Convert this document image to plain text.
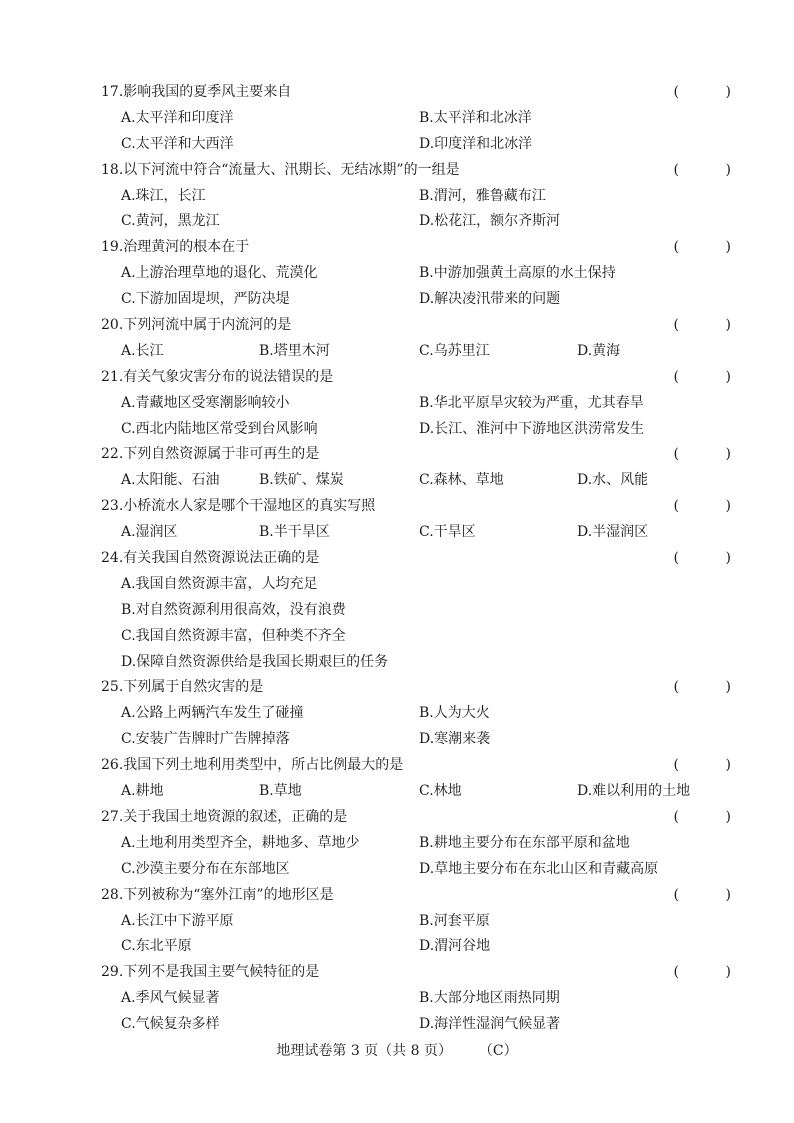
17.影响我国的夏季风主要来自	(	)
A.太平洋和印度洋	B.太平洋和北冰洋
C.太平洋和大西洋	D.印度洋和北冰洋
18.以下河流中符合“流量大、汛期长、无结冰期”的一组是	(	)
A.珠江，长江	B.渭河，雅鲁藏布江
C.黄河，黑龙江	D.松花江，额尔齐斯河
19.治理黄河的根本在于	(	)
A.上游治理草地的退化、荒漠化	B.中游加强黄土高原的水土保持
C.下游加固堤坝，严防决堤	D.解决凌汛带来的问题
20.下列河流中属于内流河的是	(	)
A.长江	B.塔里木河	C.乌苏里江	D.黄海
21.有关气象灾害分布的说法错误的是	(	)
A.青藏地区受寒潮影响较小	B.华北平原旱灾较为严重，尤其春旱
C.西北内陆地区常受到台风影响	D.长江、淮河中下游地区洪涝常发生
22.下列自然资源属于非可再生的是	(	)
A.太阳能、石油	B.铁矿、煤炭	C.森林、草地	D.水、风能
23.小桥流水人家是哪个干湿地区的真实写照	(	)
A.湿润区	B.半干旱区	C.干旱区	D.半湿润区
24.有关我国自然资源说法正确的是	(	)
A.我国自然资源丰富，人均充足
B.对自然资源利用很高效，没有浪费
C.我国自然资源丰富，但种类不齐全
D.保障自然资源供给是我国长期艰巨的任务
25.下列属于自然灾害的是	(	)
A.公路上两辆汽车发生了碰撞	B.人为大火
C.安装广告牌时广告牌掉落	D.寒潮来袭
26.我国下列土地利用类型中，所占比例最大的是	(	)
A.耕地	B.草地	C.林地	D.难以利用的土地
27.关于我国土地资源的叙述，正确的是	(	)
A.土地利用类型齐全，耕地多、草地少	B.耕地主要分布在东部平原和盆地
C.沙漠主要分布在东部地区	D.草地主要分布在东北山区和青藏高原
28.下列被称为“塞外江南”的地形区是	(	)
A.长江中下游平原	B.河套平原
C.东北平原	D.渭河谷地
29.下列不是我国主要气候特征的是	(	)
A.季风气候显著	B.大部分地区雨热同期
C.气候复杂多样	D.海洋性湿润气候显著
地理试卷第 3 页（共 8 页） （C）
